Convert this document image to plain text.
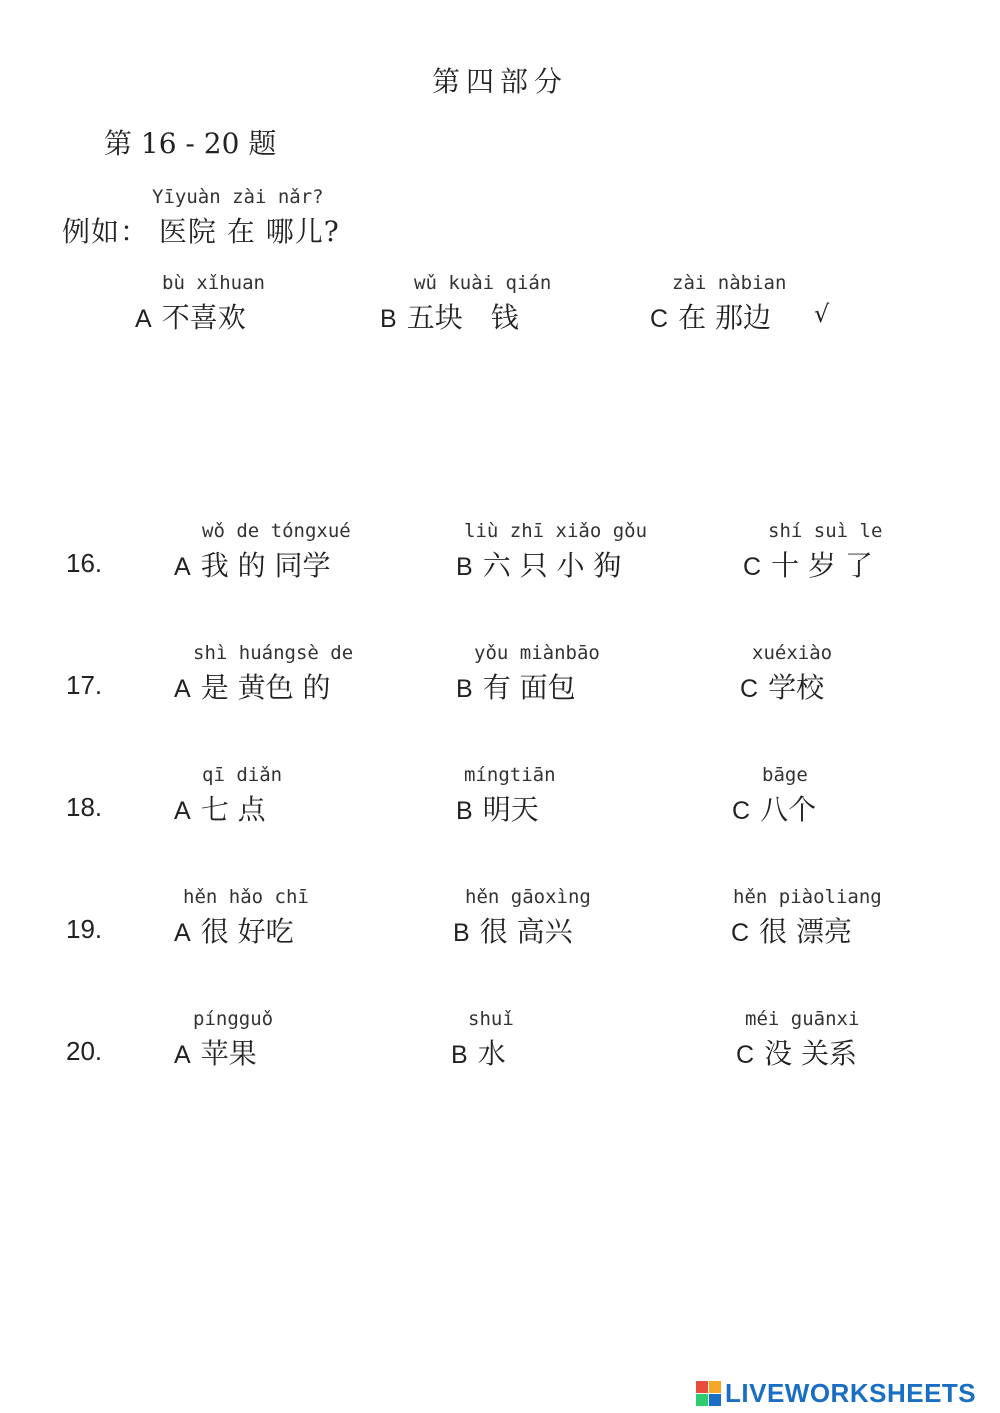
第四部分
第 16 - 20 题
Yīyuàn zài nǎr?
例如： 医院 在 哪儿?
bù xǐhuan
A 不喜欢
wǔ kuài qián
B 五块　钱
zài nàbian
C 在 那边 √
16.
wǒ de tóngxué
A 我 的 同学
liù zhī xiǎo gǒu
B 六 只 小 狗
shí suì le
C 十 岁 了
17.
shì huángsè de
A 是 黄色 的
yǒu miànbāo
B 有 面包
xuéxiào
C 学校
18.
qī diǎn
A 七 点
míngtiān
B 明天
bāge
C 八个
19.
hěn hǎo chī
A 很 好吃
hěn gāoxìng
B 很 高兴
hěn piàoliang
C 很 漂亮
20.
píngguǒ
A 苹果
shuǐ
B 水
méi guānxi
C 没 关系
LIVEWORKSHEETS
